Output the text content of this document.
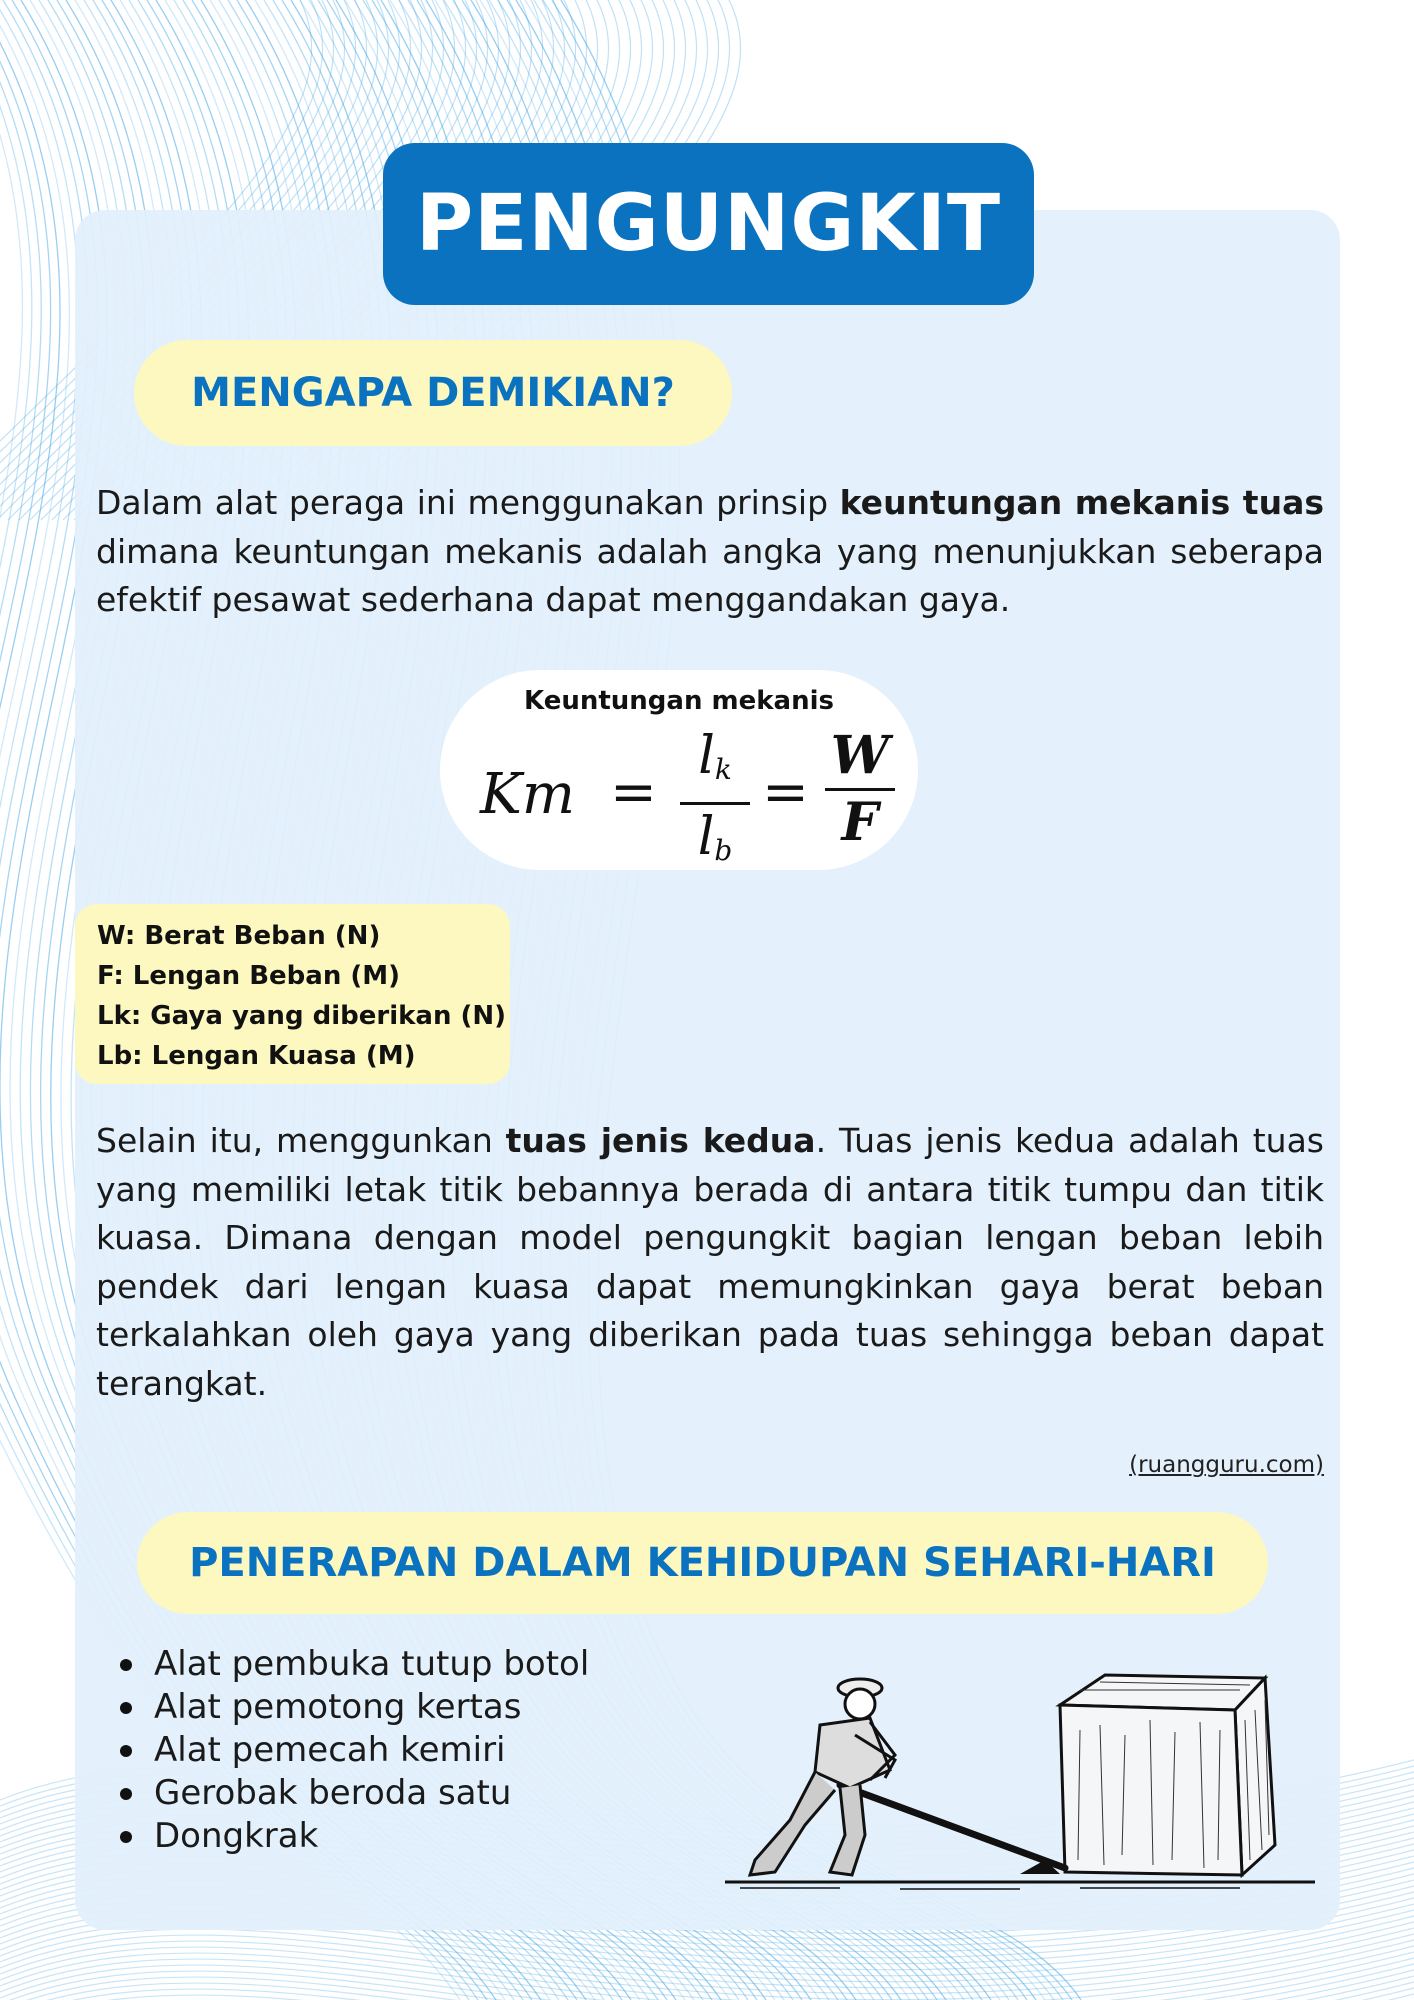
PENGUNGKIT
MENGAPA DEMIKIAN?

Dalam alat peraga ini menggunakan prinsip keuntungan mekanis tuas dimana keuntungan mekanis adalah angka yang menunjukkan seberapa efektif pesawat sederhana dapat menggandakan gaya.

Keuntungan mekanis
Km =
$l_k$
$l_b$
=
W
F
W: Berat Beban (N)
F: Lengan Beban (M)
Lk: Gaya yang diberikan (N)
Lb: Lengan Kuasa (M)

Selain itu, menggunkan tuas jenis kedua. Tuas jenis kedua adalah tuas yang memiliki letak titik bebannya berada di antara titik tumpu dan titik kuasa. Dimana dengan model pengungkit bagian lengan beban lebih pendek dari lengan kuasa dapat memungkinkan gaya berat beban terkalahkan oleh gaya yang diberikan pada tuas sehingga beban dapat terangkat.

(ruangguru.com)
PENERAPAN DALAM KEHIDUPAN SEHARI-HARI
Alat pembuka tutup botol
Alat pemotong kertas
Alat pemecah kemiri
Gerobak beroda satu
Dongkrak
